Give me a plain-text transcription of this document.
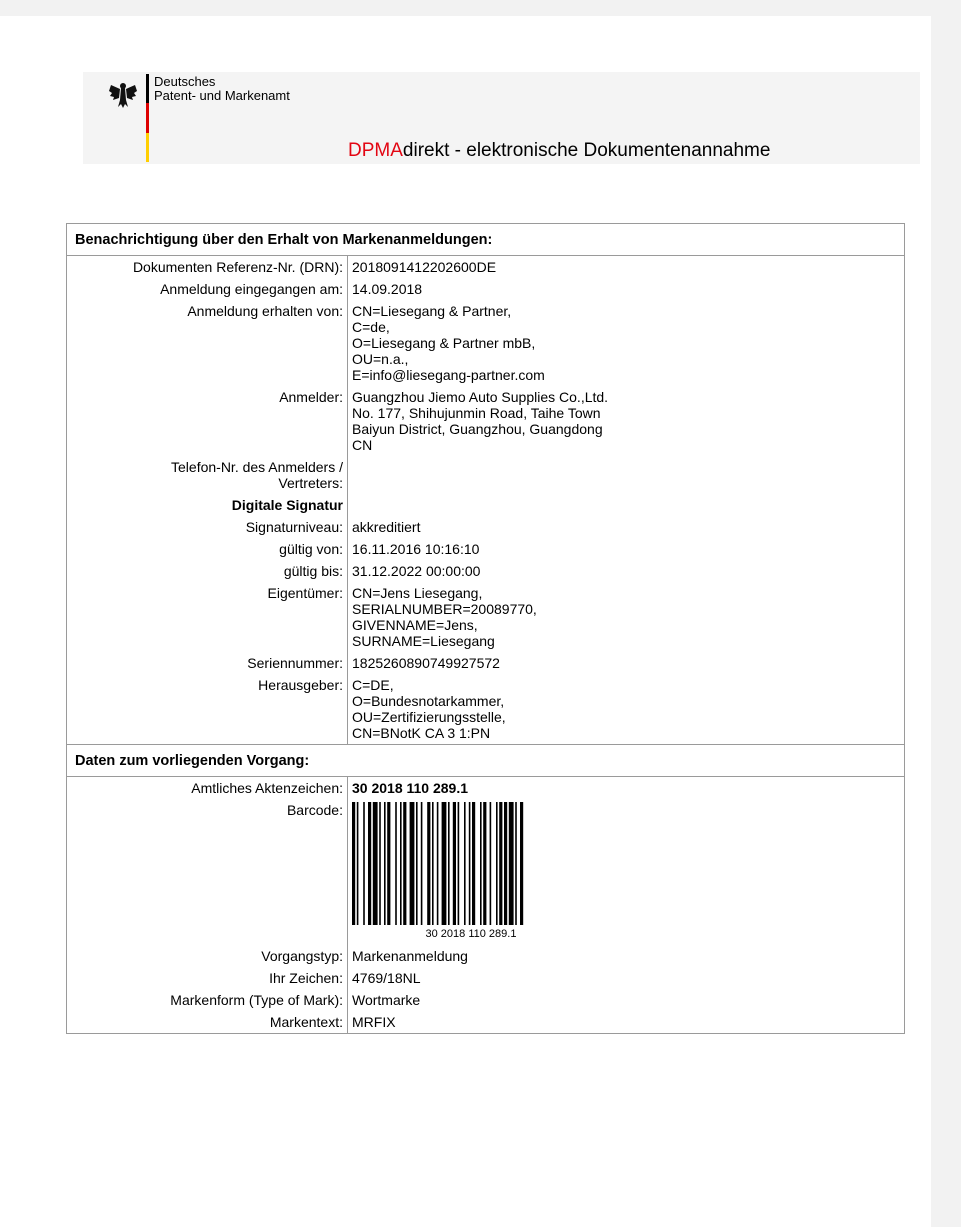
Deutsches
Patent- und Markenamt
DPMAdirekt - elektronische Dokumentenannahme
Benachrichtigung über den Erhalt von Markenanmeldungen:	
Dokumenten Referenz-Nr. (DRN):	2018091412202600DE
Anmeldung eingegangen am:	14.09.2018
Anmeldung erhalten von:	CN=Liesegang & Partner,
C=de,
O=Liesegang & Partner mbB,
OU=n.a.,
E=info@liesegang-partner.com

Anmelder:	Guangzhou Jiemo Auto Supplies Co.,Ltd.
No. 177, Shihujunmin Road, Taihe Town
Baiyun District, Guangzhou, Guangdong
CN

Telefon-Nr. des Anmelders /
Vertreters:	

Digitale Signatur	
Signaturniveau:	akkreditiert
gültig von:	16.11.2016 10:16:10
gültig bis:	31.12.2022 00:00:00
Eigentümer:	CN=Jens Liesegang,
SERIALNUMBER=20089770,
GIVENNAME=Jens,
SURNAME=Liesegang

Seriennummer:	1825260890749927572
Herausgeber:	C=DE,
O=Bundesnotarkammer,
OU=Zertifizierungsstelle,
CN=BNotK CA 3 1:PN

Daten zum vorliegenden Vorgang:	
Amtliches Aktenzeichen:	30 2018 110 289.1
Barcode:	30 2018 110 289.1

Vorgangstyp:	Markenanmeldung
Ihr Zeichen:	4769/18NL
Markenform (Type of Mark):	Wortmarke
Markentext:	MRFIX
